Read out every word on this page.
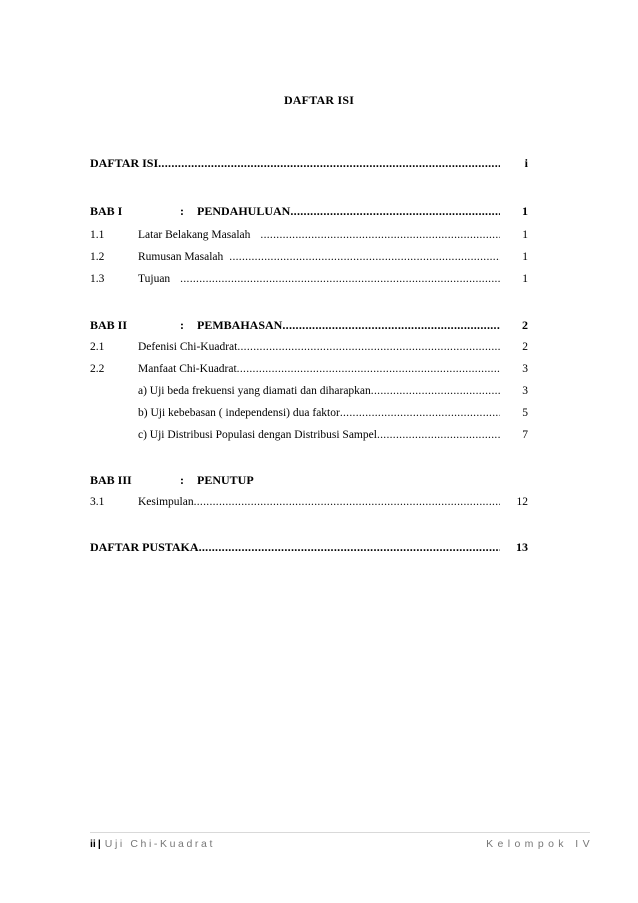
DAFTAR ISI
DAFTAR ISI .....	i
BAB I	:	PENDAHULUAN .....	1
1.1	Latar Belakang Masalah .....	1
1.2	Rumusan Masalah .....	1
1.3	Tujuan .....	1
BAB II	:	PEMBAHASAN .....	2
2.1	Defenisi Chi-Kuadrat .....	2
2.2	Manfaat Chi-Kuadrat .....	3
a) Uji beda frekuensi yang diamati dan diharapkan .....	3
b) Uji kebebasan ( independensi) dua faktor .....	5
c) Uji Distribusi Populasi dengan Distribusi Sampel .....	7
BAB III	:	PENUTUP
3.1	Kesimpulan .....	12
DAFTAR PUSTAKA .....	13
ii | Uji Chi-Kuadrat	Kelompok IV
